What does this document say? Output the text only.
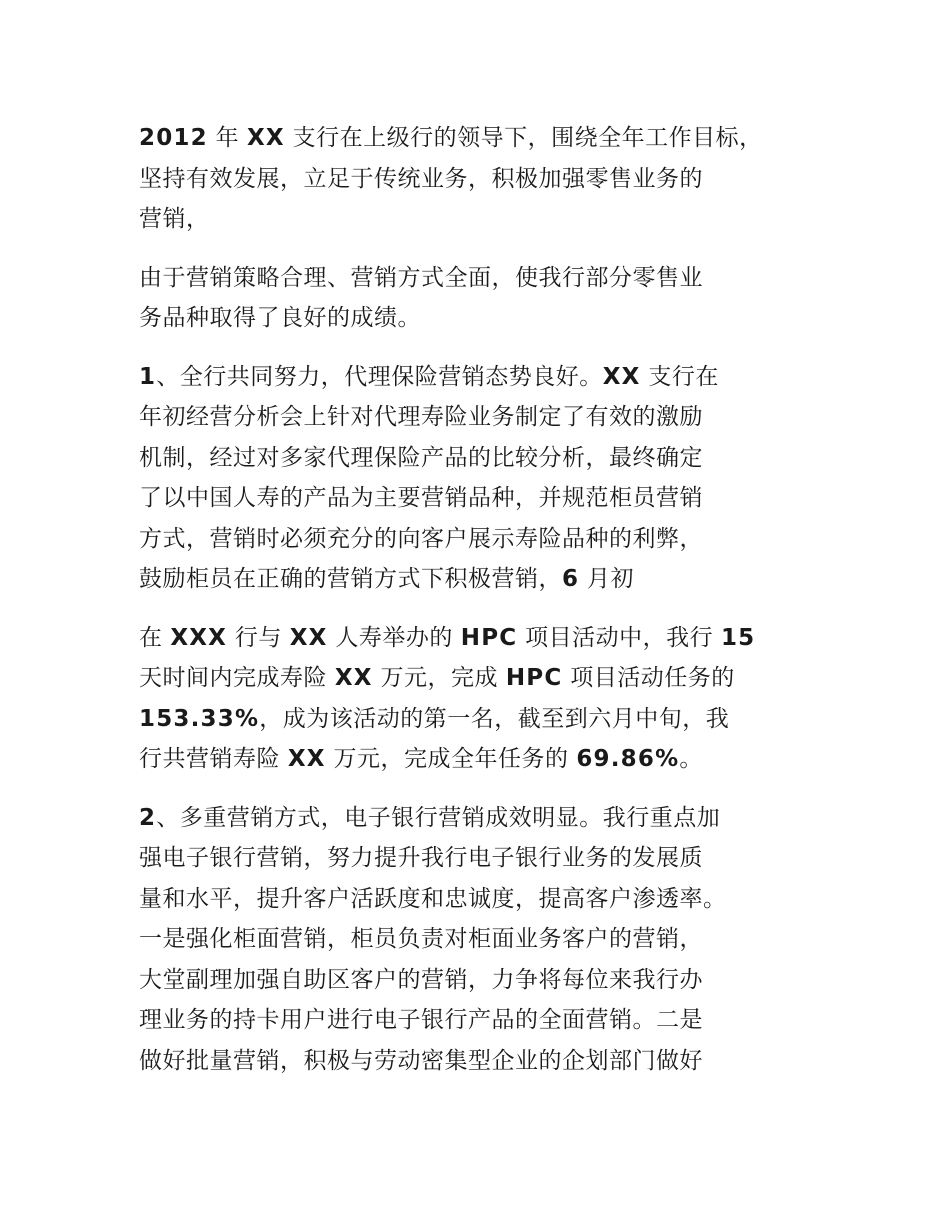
2012 年 XX 支行在上级行的领导下，围绕全年工作目标，
坚持有效发展，立足于传统业务，积极加强零售业务的
营销，

由于营销策略合理、营销方式全面，使我行部分零售业
务品种取得了良好的成绩。

1、全行共同努力，代理保险营销态势良好。XX 支行在
年初经营分析会上针对代理寿险业务制定了有效的激励
机制，经过对多家代理保险产品的比较分析，最终确定
了以中国人寿的产品为主要营销品种，并规范柜员营销
方式，营销时必须充分的向客户展示寿险品种的利弊，
鼓励柜员在正确的营销方式下积极营销，6 月初

在 XXX 行与 XX 人寿举办的 HPC 项目活动中，我行 15
天时间内完成寿险 XX 万元，完成 HPC 项目活动任务的
153.33%，成为该活动的第一名，截至到六月中旬，我
行共营销寿险 XX 万元，完成全年任务的 69.86%。

2、多重营销方式，电子银行营销成效明显。我行重点加
强电子银行营销，努力提升我行电子银行业务的发展质
量和水平，提升客户活跃度和忠诚度，提高客户渗透率。
一是强化柜面营销，柜员负责对柜面业务客户的营销，
大堂副理加强自助区客户的营销，力争将每位来我行办
理业务的持卡用户进行电子银行产品的全面营销。二是
做好批量营销，积极与劳动密集型企业的企划部门做好
